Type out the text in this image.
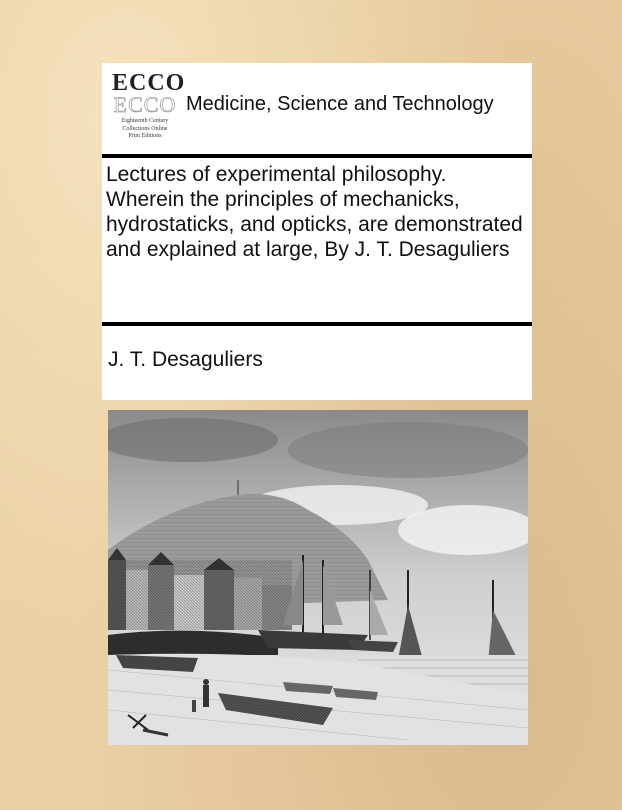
ECCO
ECCO
Eighteenth Century
Collections Online
Print Editions
Medicine, Science and Technology
Lectures of experimental philosophy. Wherein the principles of mechanicks, hydrostaticks, and opticks, are demonstrated and explained at large, By J. T. Desaguliers
J. T. Desaguliers
